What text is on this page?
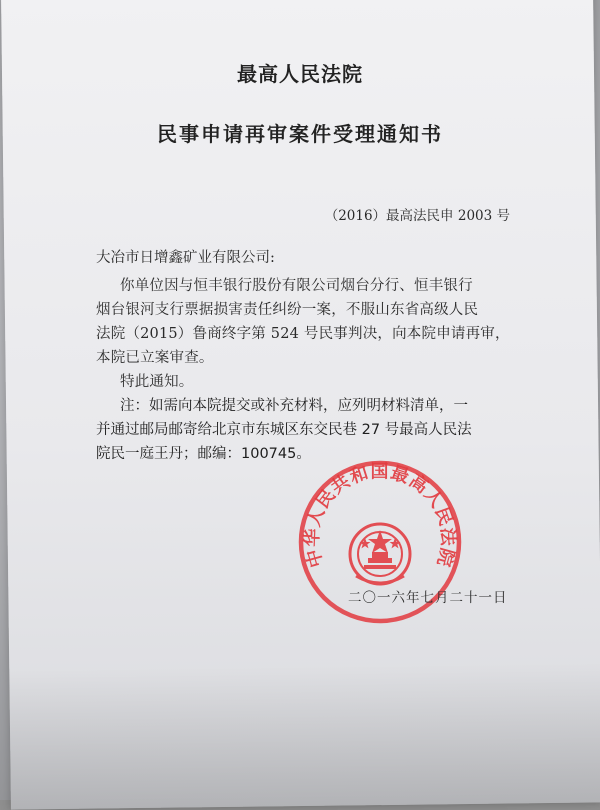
最高人民法院
民事申请再审案件受理通知书
（2016）最高法民申 2003 号
大冶市日增鑫矿业有限公司:
你单位因与恒丰银行股份有限公司烟台分行、恒丰银行
烟台银河支行票据损害责任纠纷一案，不服山东省高级人民
法院（2015）鲁商终字第 524 号民事判决，向本院申请再审，
本院已立案审查。
特此通知。
注：如需向本院提交或补充材料，应列明材料清单，一
并通过邮局邮寄给北京市东城区东交民巷 27 号最高人民法
院民一庭王丹；邮编：100745。
中华人民共和国最高人民法院
二〇一六年七月二十一日
